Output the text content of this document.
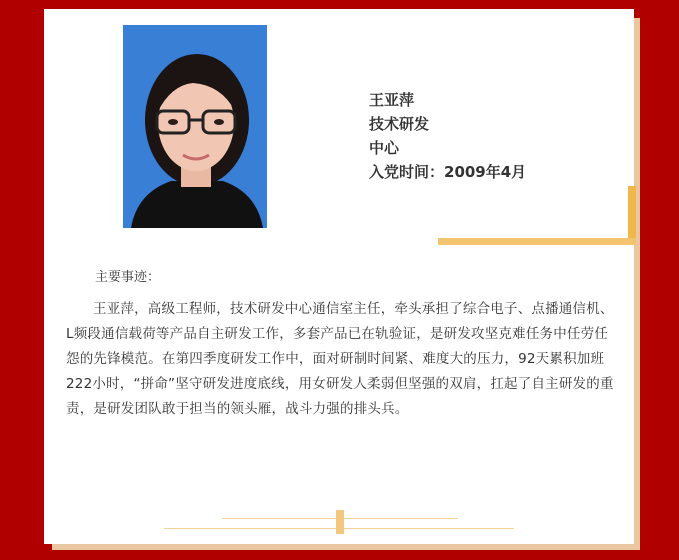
王亚萍
技术研发
中心
入党时间：2009年4月
主要事迹：
王亚萍，高级工程师，技术研发中心通信室主任，牵头承担了综合电子、点播通信机、L频段通信载荷等产品自主研发工作，多套产品已在轨验证，是研发攻坚克难任务中任劳任怨的先锋模范。在第四季度研发工作中，面对研制时间紧、难度大的压力，92天累积加班222小时，“拼命”坚守研发进度底线，用女研发人柔弱但坚强的双肩，扛起了自主研发的重责，是研发团队敢于担当的领头雁，战斗力强的排头兵。
